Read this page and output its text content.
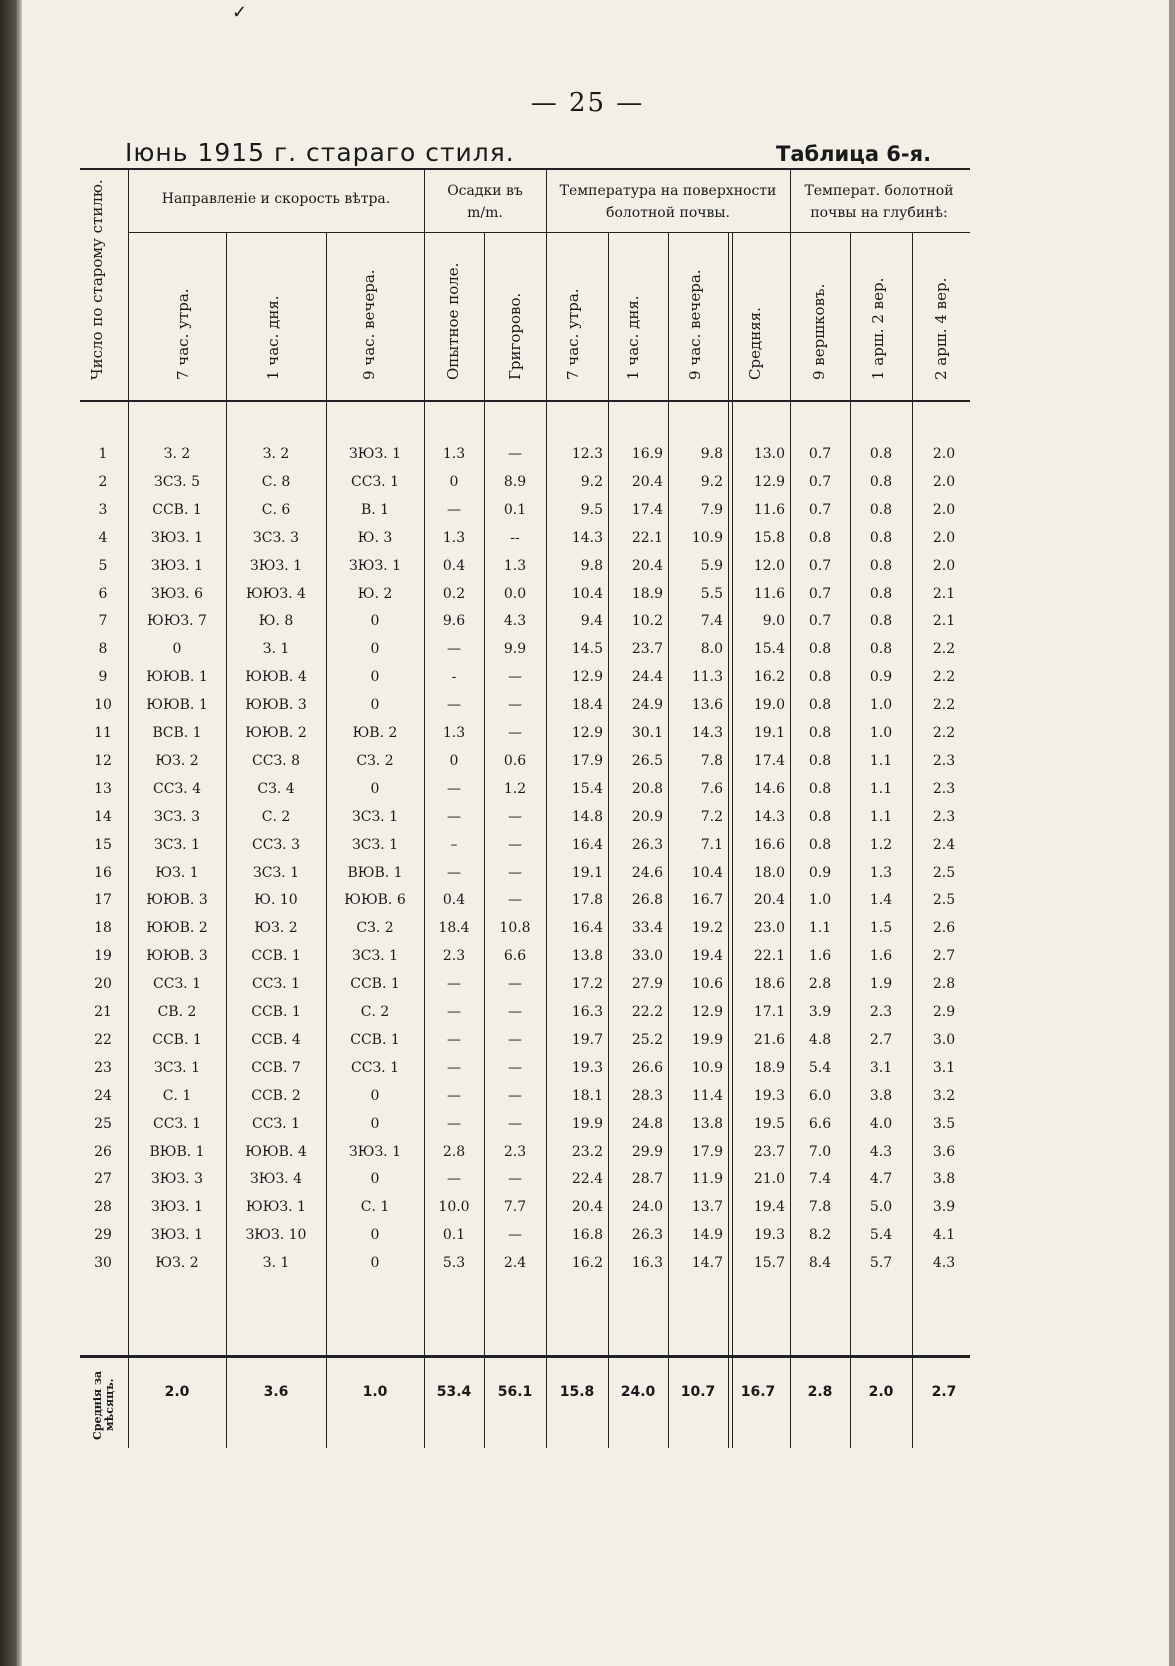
✓
— 25 —
Іюнь 1915 г. стараго стиля.	Таблица 6-я.
1	З. 2	З. 2	ЗЮЗ. 1	1.3	—	12.3	16.9	9.8	13.0	0.7	0.8	2.0
2	ЗСЗ. 5	С. 8	ССЗ. 1	0	8.9	9.2	20.4	9.2	12.9	0.7	0.8	2.0
3	ССВ. 1	С. 6	В. 1	—	0.1	9.5	17.4	7.9	11.6	0.7	0.8	2.0
4	ЗЮЗ. 1	ЗСЗ. 3	Ю. 3	1.3	--	14.3	22.1	10.9	15.8	0.8	0.8	2.0
5	ЗЮЗ. 1	ЗЮЗ. 1	ЗЮЗ. 1	0.4	1.3	9.8	20.4	5.9	12.0	0.7	0.8	2.0
6	ЗЮЗ. 6	ЮЮЗ. 4	Ю. 2	0.2	0.0	10.4	18.9	5.5	11.6	0.7	0.8	2.1
7	ЮЮЗ. 7	Ю. 8	0	9.6	4.3	9.4	10.2	7.4	9.0	0.7	0.8	2.1
8	0	З. 1	0	—	9.9	14.5	23.7	8.0	15.4	0.8	0.8	2.2
9	ЮЮВ. 1	ЮЮВ. 4	0	-	—	12.9	24.4	11.3	16.2	0.8	0.9	2.2
10	ЮЮВ. 1	ЮЮВ. 3	0	—	—	18.4	24.9	13.6	19.0	0.8	1.0	2.2
11	ВСВ. 1	ЮЮВ. 2	ЮВ. 2	1.3	—	12.9	30.1	14.3	19.1	0.8	1.0	2.2
12	ЮЗ. 2	ССЗ. 8	СЗ. 2	0	0.6	17.9	26.5	7.8	17.4	0.8	1.1	2.3
13	ССЗ. 4	СЗ. 4	0	—	1.2	15.4	20.8	7.6	14.6	0.8	1.1	2.3
14	ЗСЗ. 3	С. 2	ЗСЗ. 1	—	—	14.8	20.9	7.2	14.3	0.8	1.1	2.3
15	ЗСЗ. 1	ССЗ. 3	ЗСЗ. 1	–	—	16.4	26.3	7.1	16.6	0.8	1.2	2.4
16	ЮЗ. 1	ЗСЗ. 1	ВЮВ. 1	—	—	19.1	24.6	10.4	18.0	0.9	1.3	2.5
17	ЮЮВ. 3	Ю. 10	ЮЮВ. 6	0.4	—	17.8	26.8	16.7	20.4	1.0	1.4	2.5
18	ЮЮВ. 2	ЮЗ. 2	СЗ. 2	18.4	10.8	16.4	33.4	19.2	23.0	1.1	1.5	2.6
19	ЮЮВ. 3	ССВ. 1	ЗСЗ. 1	2.3	6.6	13.8	33.0	19.4	22.1	1.6	1.6	2.7
20	ССЗ. 1	ССЗ. 1	ССВ. 1	—	—	17.2	27.9	10.6	18.6	2.8	1.9	2.8
21	СВ. 2	ССВ. 1	С. 2	—	—	16.3	22.2	12.9	17.1	3.9	2.3	2.9
22	ССВ. 1	ССВ. 4	ССВ. 1	—	—	19.7	25.2	19.9	21.6	4.8	2.7	3.0
23	ЗСЗ. 1	ССВ. 7	ССЗ. 1	—	—	19.3	26.6	10.9	18.9	5.4	3.1	3.1
24	С. 1	ССВ. 2	0	—	—	18.1	28.3	11.4	19.3	6.0	3.8	3.2
25	ССЗ. 1	ССЗ. 1	0	—	—	19.9	24.8	13.8	19.5	6.6	4.0	3.5
26	ВЮВ. 1	ЮЮВ. 4	ЗЮЗ. 1	2.8	2.3	23.2	29.9	17.9	23.7	7.0	4.3	3.6
27	ЗЮЗ. 3	ЗЮЗ. 4	0	—	—	22.4	28.7	11.9	21.0	7.4	4.7	3.8
28	ЗЮЗ. 1	ЮЮЗ. 1	С. 1	10.0	7.7	20.4	24.0	13.7	19.4	7.8	5.0	3.9
29	ЗЮЗ. 1	ЗЮЗ. 10	0	0.1	—	16.8	26.3	14.9	19.3	8.2	5.4	4.1
30	ЮЗ. 2	З. 1	0	5.3	2.4	16.2	16.3	14.7	15.7	8.4	5.7	4.3
2.0	3.6	1.0	53.4	56.1	15.8	24.0	10.7	16.7	2.8	2.0	2.7
Направленіе и скорость вѣтра.	Осадки въ m/m.
Температура на поверхности болотной почвы.
Температ. болотной почвы на глубинѣ:
Число по старому стилю.	7 час. утра.	1 час. дня.	9 час. вечера.	Опытное поле.	Григорово.	7 час. утра.	1 час. дня.	9 час. вечера.	Средняя.	9 вершковъ.	1 арш. 2 вер.	2 арш. 4 вер.
Среднія за мѣсяцъ.
